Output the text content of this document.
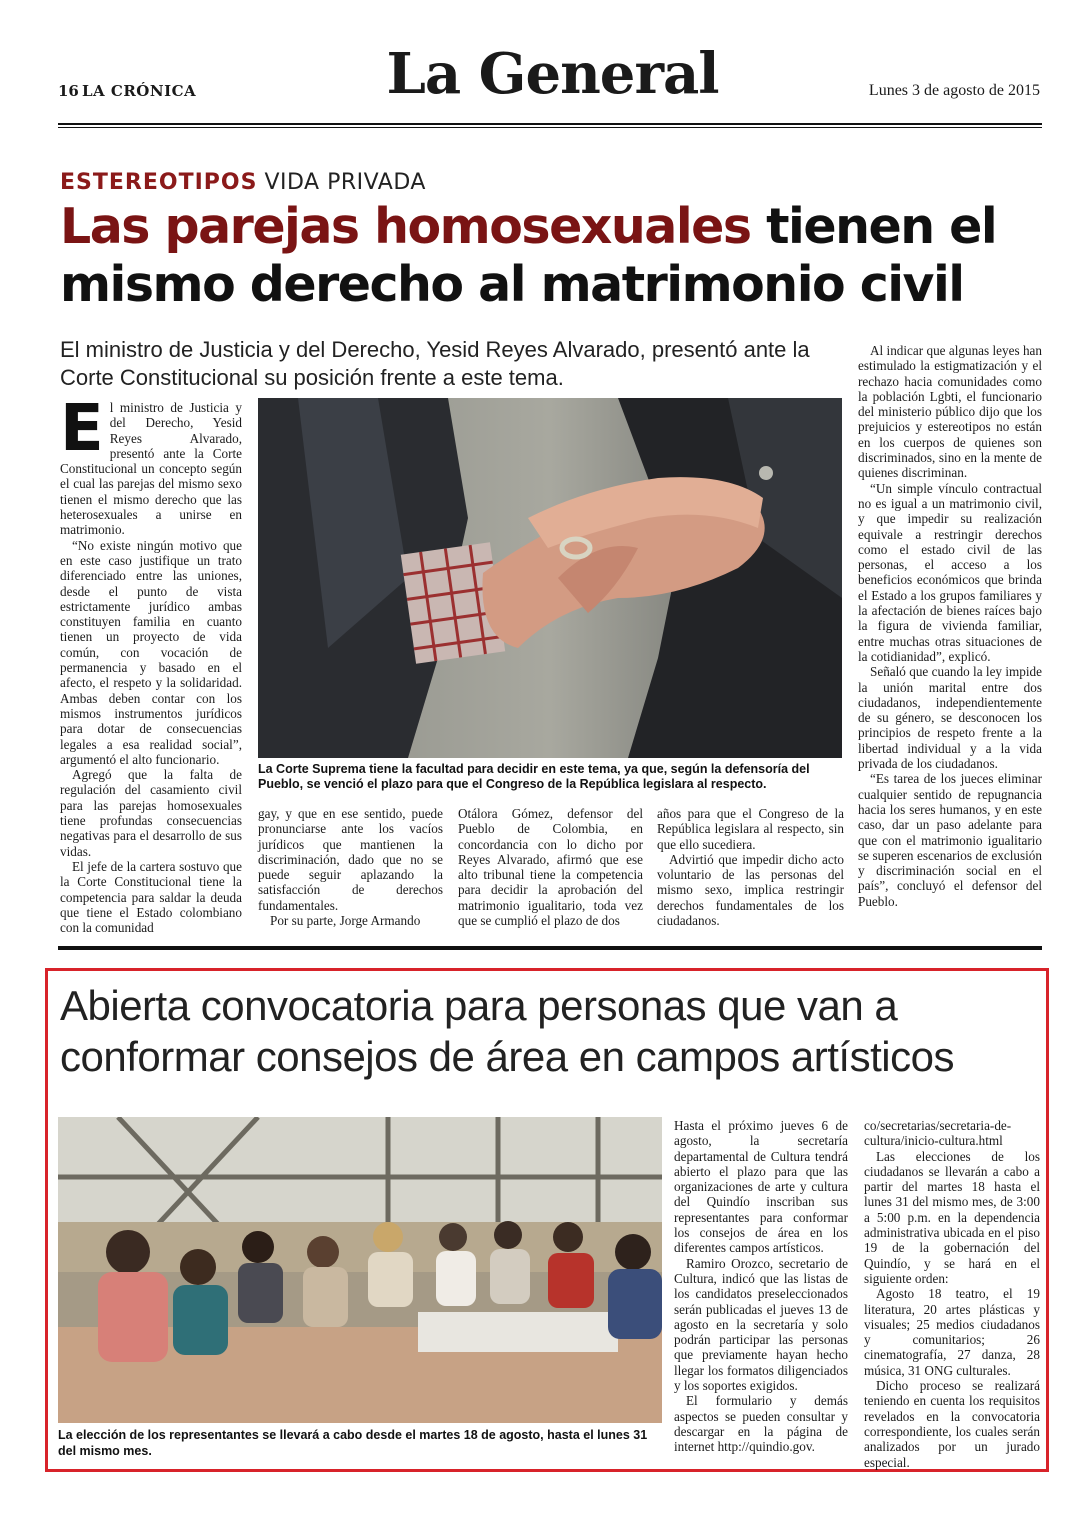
16 LA CRÓNICA	La General	Lunes 3 de agosto de 2015
ESTEREOTIPOS VIDA PRIVADA
Las parejas homosexuales tienen el mismo derecho al matrimonio civil
El ministro de Justicia y del Derecho, Yesid Reyes Alvarado, presentó ante la Corte Constitucional su posición frente a este tema.

El ministro de Justicia y del Derecho, Yesid Reyes Alvarado, presentó ante la Corte Constitucional un concepto según el cual las parejas del mismo sexo tienen el mismo derecho que las heterosexuales a unirse en matrimonio.

“No existe ningún motivo que en este caso justifique un trato diferenciado entre las uniones, desde el punto de vista estrictamente jurídico ambas constituyen familia en cuanto tienen un proyecto de vida común, con vocación de permanencia y basado en el afecto, el respeto y la solidaridad. Ambas deben contar con los mismos instrumentos jurídicos para dotar de consecuencias legales a esa realidad social”, argumentó el alto funcionario.

Agregó que la falta de regulación del casamiento civil para las parejas homosexuales tiene profundas consecuencias negativas para el desarrollo de sus vidas.

El jefe de la cartera sostuvo que la Corte Constitucional tiene la competencia para saldar la deuda que tiene el Estado colombiano con la comunidad

La Corte Suprema tiene la facultad para decidir en este tema, ya que, según la defensoría del Pueblo, se venció el plazo para que el Congreso de la República legislara al respecto.

gay, y que en ese sentido, puede pronunciarse ante los vacíos jurídicos que mantienen la discriminación, dado que no se puede seguir aplazando la satisfacción de derechos fundamentales.

Por su parte, Jorge Armando

Otálora Gómez, defensor del Pueblo de Colombia, en concordancia con lo dicho por Reyes Alvarado, afirmó que ese alto tribunal tiene la competencia para decidir la aprobación del matrimonio igualitario, toda vez que se cumplió el plazo de dos

años para que el Congreso de la República legislara al respecto, sin que ello sucediera.

Advirtió que impedir dicho acto voluntario de las personas del mismo sexo, implica restringir derechos fundamentales de los ciudadanos.

Al indicar que algunas leyes han estimulado la estigmatización y el rechazo hacia comunidades como la población Lgbti, el funcionario del ministerio público dijo que los prejuicios y estereotipos no están en los cuerpos de quienes son discriminados, sino en la mente de quienes discriminan.

“Un simple vínculo contractual no es igual a un matrimonio civil, y que impedir su realización equivale a restringir derechos como el estado civil de las personas, el acceso a los beneficios económicos que brinda el Estado a los grupos familiares y la afectación de bienes raíces bajo la figura de vivienda familiar, entre muchas otras situaciones de la cotidianidad”, explicó.

Señaló que cuando la ley impide la unión marital entre dos ciudadanos, independientemente de su género, se desconocen los principios de respeto frente a la libertad individual y a la vida privada de los ciudadanos.

“Es tarea de los jueces eliminar cualquier sentido de repugnancia hacia los seres humanos, y en este caso, dar un paso adelante para que con el matrimonio igualitario se superen escenarios de exclusión y discriminación social en el país”, concluyó el defensor del Pueblo.

Abierta convocatoria para personas que van a conformar consejos de área en campos artísticos
La elección de los representantes se llevará a cabo desde el martes 18 de agosto, hasta el lunes 31 del mismo mes.

Hasta el próximo jueves 6 de agosto, la secretaría departamental de Cultura tendrá abierto el plazo para que las organizaciones de arte y cultura del Quindío inscriban sus representantes para conformar los consejos de área en los diferentes campos artísticos.

Ramiro Orozco, secretario de Cultura, indicó que las listas de los candidatos preseleccionados serán publicadas el jueves 13 de agosto en la secretaría y solo podrán participar las personas que previamente hayan hecho llegar los formatos diligenciados y los soportes exigidos.

El formulario y demás aspectos se pueden consultar y descargar en la página de internet http://quindio.gov.

co/secretarias/secretaria-de-cultura/inicio-cultura.html

Las elecciones de los ciudadanos se llevarán a cabo a partir del martes 18 hasta el lunes 31 del mismo mes, de 3:00 a 5:00 p.m. en la dependencia administrativa ubicada en el piso 19 de la gobernación del Quindío, y se hará en el siguiente orden:

Agosto 18 teatro, el 19 literatura, 20 artes plásticas y visuales; 25 medios ciudadanos y comunitarios; 26 cinematografía, 27 danza, 28 música, 31 ONG culturales.

Dicho proceso se realizará teniendo en cuenta los requisitos revelados en la convocatoria correspondiente, los cuales serán analizados por un jurado especial.
